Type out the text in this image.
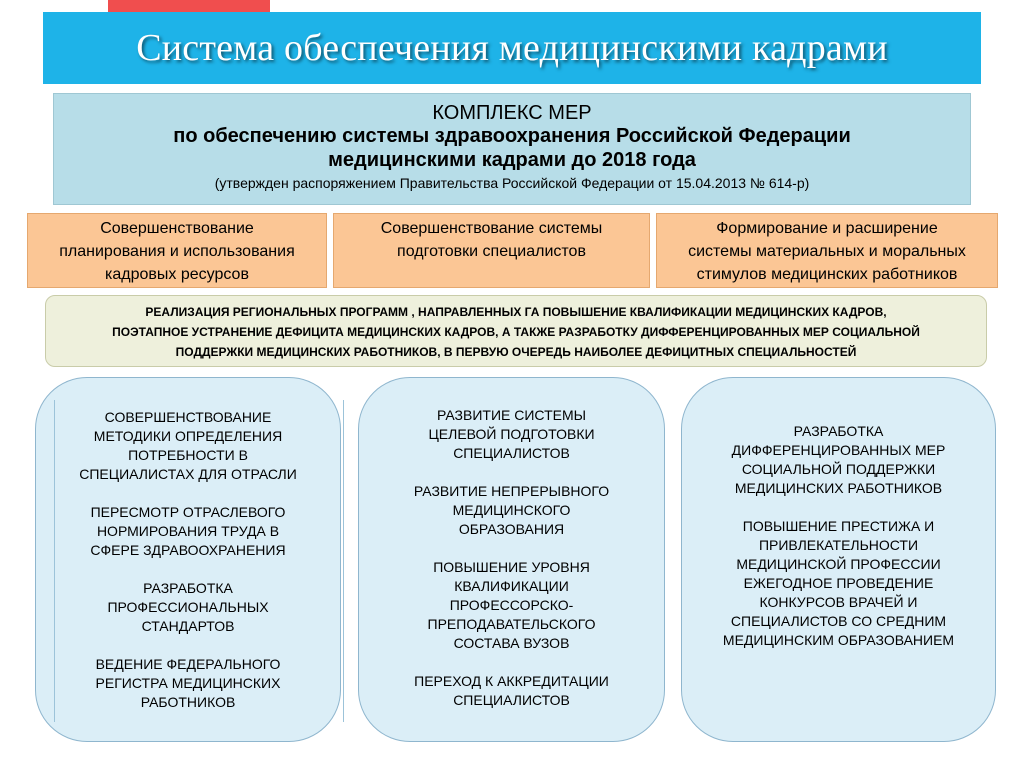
Система обеспечения медицинскими кадрами
КОМПЛЕКС МЕР
по обеспечению системы здравоохранения Российской Федерации
медицинскими кадрами до 2018 года
(утвержден распоряжением Правительства Российской Федерации от 15.04.2013 № 614-р)
Совершенствование
планирования и использования
кадровых ресурсов
Совершенствование системы
подготовки специалистов
Формирование и расширение
системы материальных и моральных
стимулов медицинских работников
РЕАЛИЗАЦИЯ РЕГИОНАЛЬНЫХ ПРОГРАММ , НАПРАВЛЕННЫХ ГА ПОВЫШЕНИЕ КВАЛИФИКАЦИИ МЕДИЦИНСКИХ КАДРОВ,
ПОЭТАПНОЕ УСТРАНЕНИЕ ДЕФИЦИТА МЕДИЦИНСКИХ КАДРОВ, А ТАКЖЕ РАЗРАБОТКУ ДИФФЕРЕНЦИРОВАННЫХ МЕР СОЦИАЛЬНОЙ
ПОДДЕРЖКИ МЕДИЦИНСКИХ РАБОТНИКОВ, В ПЕРВУЮ ОЧЕРЕДЬ НАИБОЛЕЕ ДЕФИЦИТНЫХ СПЕЦИАЛЬНОСТЕЙ
СОВЕРШЕНСТВОВАНИЕ
МЕТОДИКИ ОПРЕДЕЛЕНИЯ
ПОТРЕБНОСТИ В
СПЕЦИАЛИСТАХ ДЛЯ ОТРАСЛИ
ПЕРЕСМОТР ОТРАСЛЕВОГО
НОРМИРОВАНИЯ ТРУДА В
СФЕРЕ ЗДРАВООХРАНЕНИЯ
РАЗРАБОТКА
ПРОФЕССИОНАЛЬНЫХ
СТАНДАРТОВ
ВЕДЕНИЕ ФЕДЕРАЛЬНОГО
РЕГИСТРА МЕДИЦИНСКИХ
РАБОТНИКОВ
РАЗВИТИЕ СИСТЕМЫ
ЦЕЛЕВОЙ ПОДГОТОВКИ
СПЕЦИАЛИСТОВ
РАЗВИТИЕ НЕПРЕРЫВНОГО
МЕДИЦИНСКОГО
ОБРАЗОВАНИЯ
ПОВЫШЕНИЕ УРОВНЯ
КВАЛИФИКАЦИИ
ПРОФЕССОРСКО-
ПРЕПОДАВАТЕЛЬСКОГО
СОСТАВА ВУЗОВ
ПЕРЕХОД К АККРЕДИТАЦИИ
СПЕЦИАЛИСТОВ
РАЗРАБОТКА
ДИФФЕРЕНЦИРОВАННЫХ МЕР
СОЦИАЛЬНОЙ ПОДДЕРЖКИ
МЕДИЦИНСКИХ РАБОТНИКОВ
ПОВЫШЕНИЕ ПРЕСТИЖА И
ПРИВЛЕКАТЕЛЬНОСТИ
МЕДИЦИНСКОЙ ПРОФЕССИИ
ЕЖЕГОДНОЕ ПРОВЕДЕНИЕ
КОНКУРСОВ ВРАЧЕЙ И
СПЕЦИАЛИСТОВ СО СРЕДНИМ
МЕДИЦИНСКИМ ОБРАЗОВАНИЕМ
